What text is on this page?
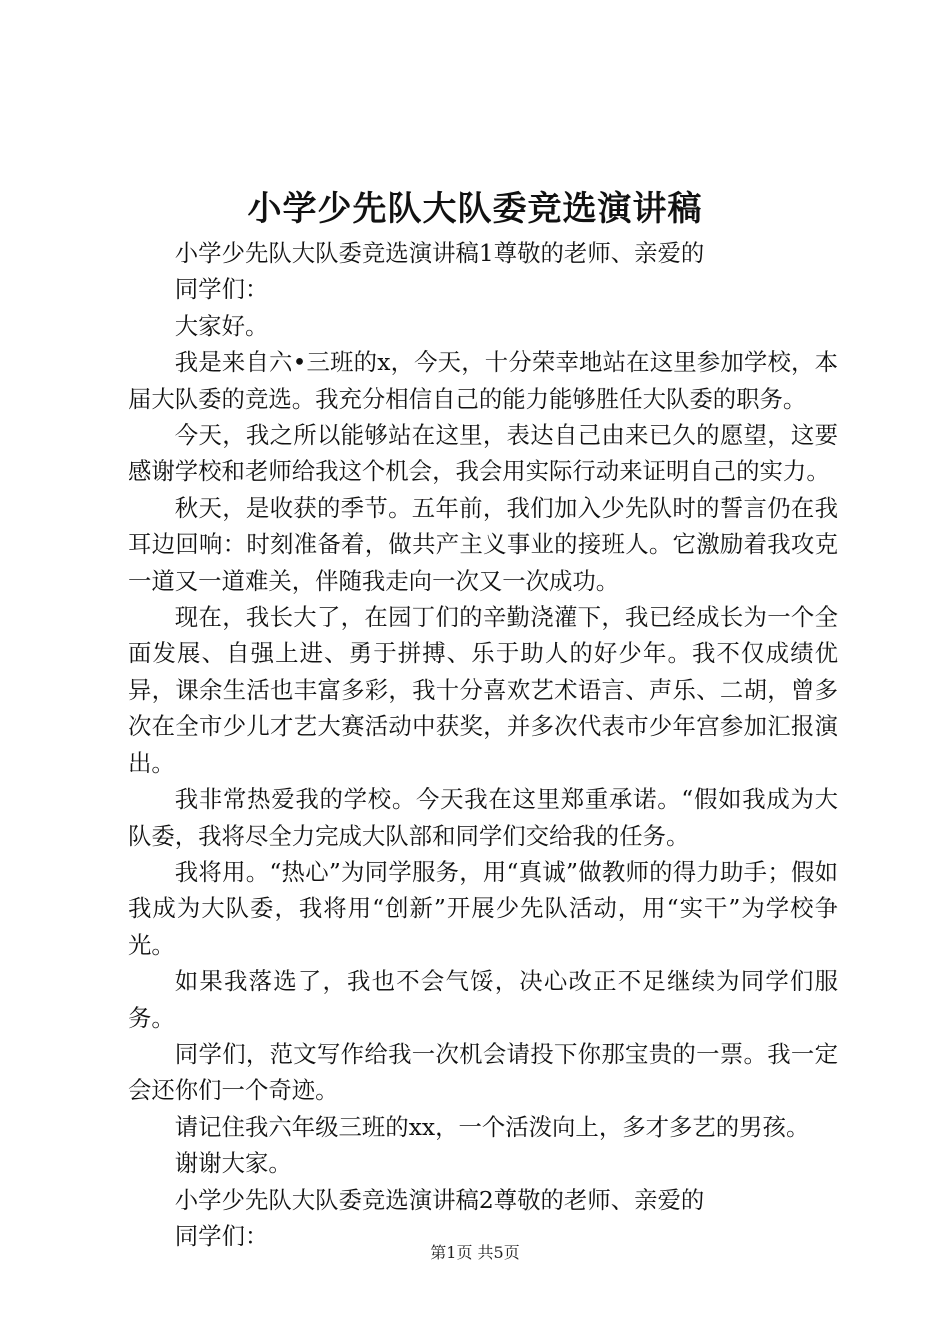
小学少先队大队委竞选演讲稿

小学少先队大队委竞选演讲稿1尊敬的老师、亲爱的

同学们：

大家好。

我是来自六•三班的x，今天，十分荣幸地站在这里参加学校，本届大队委的竞选。我充分相信自己的能力能够胜任大队委的职务。

今天，我之所以能够站在这里，表达自己由来已久的愿望，这要感谢学校和老师给我这个机会，我会用实际行动来证明自己的实力。

秋天，是收获的季节。五年前，我们加入少先队时的誓言仍在我耳边回响：时刻准备着，做共产主义事业的接班人。它激励着我攻克一道又一道难关，伴随我走向一次又一次成功。

现在，我长大了，在园丁们的辛勤浇灌下，我已经成长为一个全面发展、自强上进、勇于拼搏、乐于助人的好少年。我不仅成绩优异，课余生活也丰富多彩，我十分喜欢艺术语言、声乐、二胡，曾多次在全市少儿才艺大赛活动中获奖，并多次代表市少年宫参加汇报演出。

我非常热爱我的学校。今天我在这里郑重承诺。“假如我成为大队委，我将尽全力完成大队部和同学们交给我的任务。

我将用。“热心”为同学服务，用“真诚”做教师的得力助手；假如我成为大队委，我将用“创新”开展少先队活动，用“实干”为学校争光。

如果我落选了，我也不会气馁，决心改正不足继续为同学们服务。

同学们，范文写作给我一次机会请投下你那宝贵的一票。我一定会还你们一个奇迹。

请记住我六年级三班的xx，一个活泼向上，多才多艺的男孩。

谢谢大家。

小学少先队大队委竞选演讲稿2尊敬的老师、亲爱的

同学们：

第1页 共5页
